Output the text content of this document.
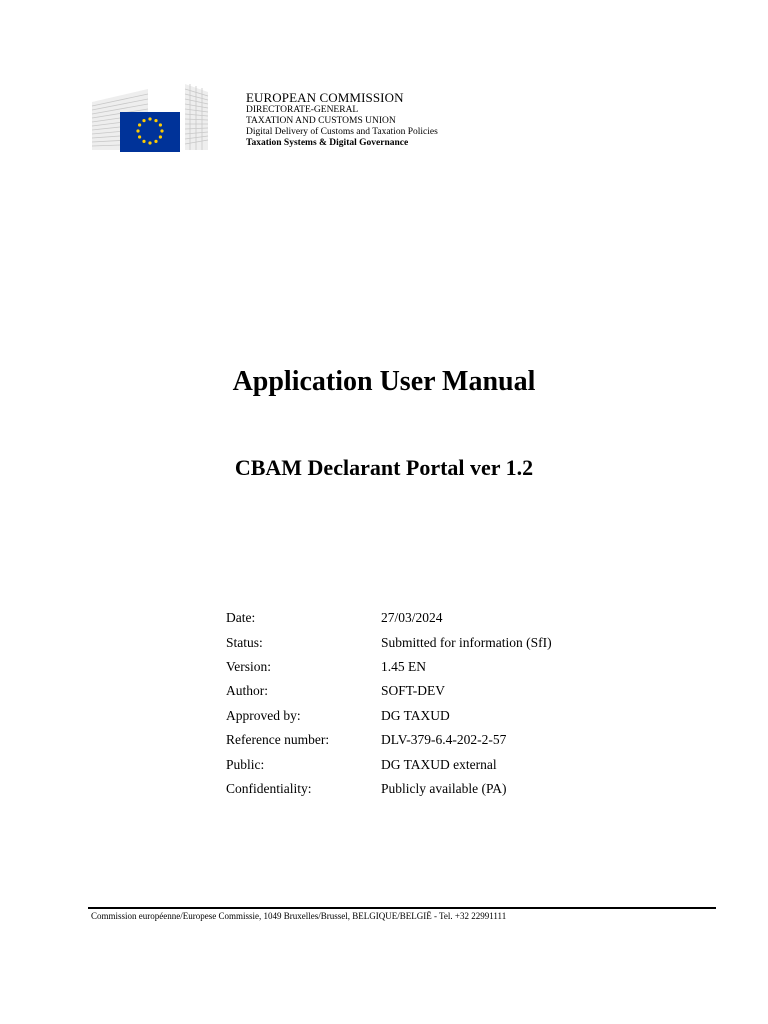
EUROPEAN COMMISSION
DIRECTORATE-GENERAL
TAXATION AND CUSTOMS UNION
Digital Delivery of Customs and Taxation Policies
Taxation Systems & Digital Governance
Application User Manual
CBAM Declarant Portal ver 1.2
Date:	27/03/2024
Status:	Submitted for information (SfI)
Version:	1.45 EN
Author:	SOFT-DEV
Approved by:	DG TAXUD
Reference number:	DLV-379-6.4-202-2-57
Public:	DG TAXUD external
Confidentiality:	Publicly available (PA)
Commission européenne/Europese Commissie, 1049 Bruxelles/Brussel, BELGIQUE/BELGIË - Tel. +32 22991111
